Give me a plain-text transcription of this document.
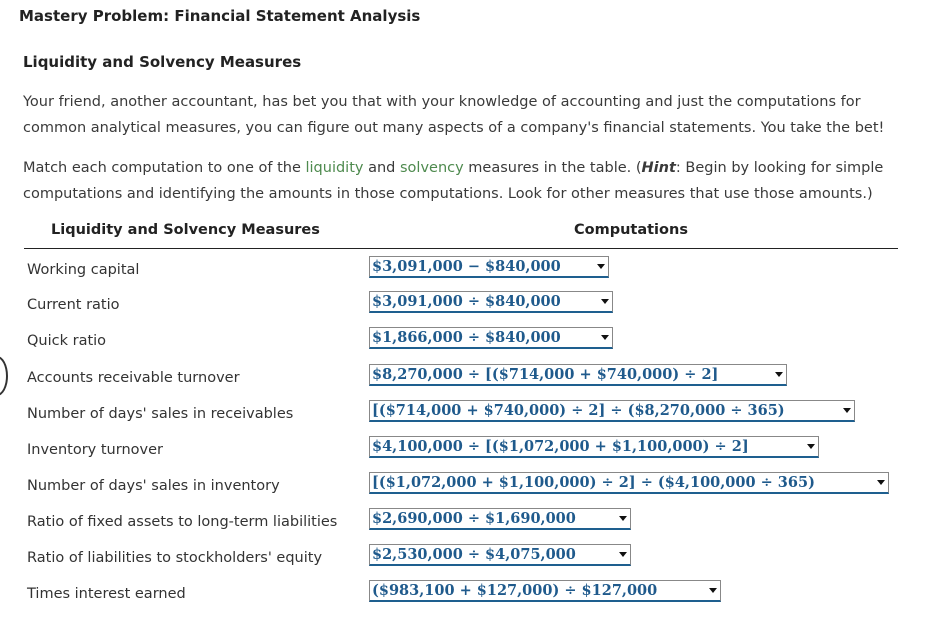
Mastery Problem: Financial Statement Analysis
Liquidity and Solvency Measures

Your friend, another accountant, has bet you that with your knowledge of accounting and just the computations for common analytical measures, you can figure out many aspects of a company's financial statements. You take the bet!

Match each computation to one of the liquidity and solvency measures in the table. (Hint: Begin by looking for simple computations and identifying the amounts in those computations. Look for other measures that use those amounts.)

Liquidity and Solvency Measures	Computations
Working capital	$3,091,000 − $840,000
Current ratio	$3,091,000 ÷ $840,000
Quick ratio	$1,866,000 ÷ $840,000
Accounts receivable turnover	$8,270,000 ÷ [($714,000 + $740,000) ÷ 2]
Number of days' sales in receivables	[($714,000 + $740,000) ÷ 2] ÷ ($8,270,000 ÷ 365)
Inventory turnover	$4,100,000 ÷ [($1,072,000 + $1,100,000) ÷ 2]
Number of days' sales in inventory	[($1,072,000 + $1,100,000) ÷ 2] ÷ ($4,100,000 ÷ 365)
Ratio of fixed assets to long-term liabilities $2,690,000 ÷ $1,690,000
Ratio of liabilities to stockholders' equity	$2,530,000 ÷ $4,075,000
Times interest earned	($983,100 + $127,000) ÷ $127,000
